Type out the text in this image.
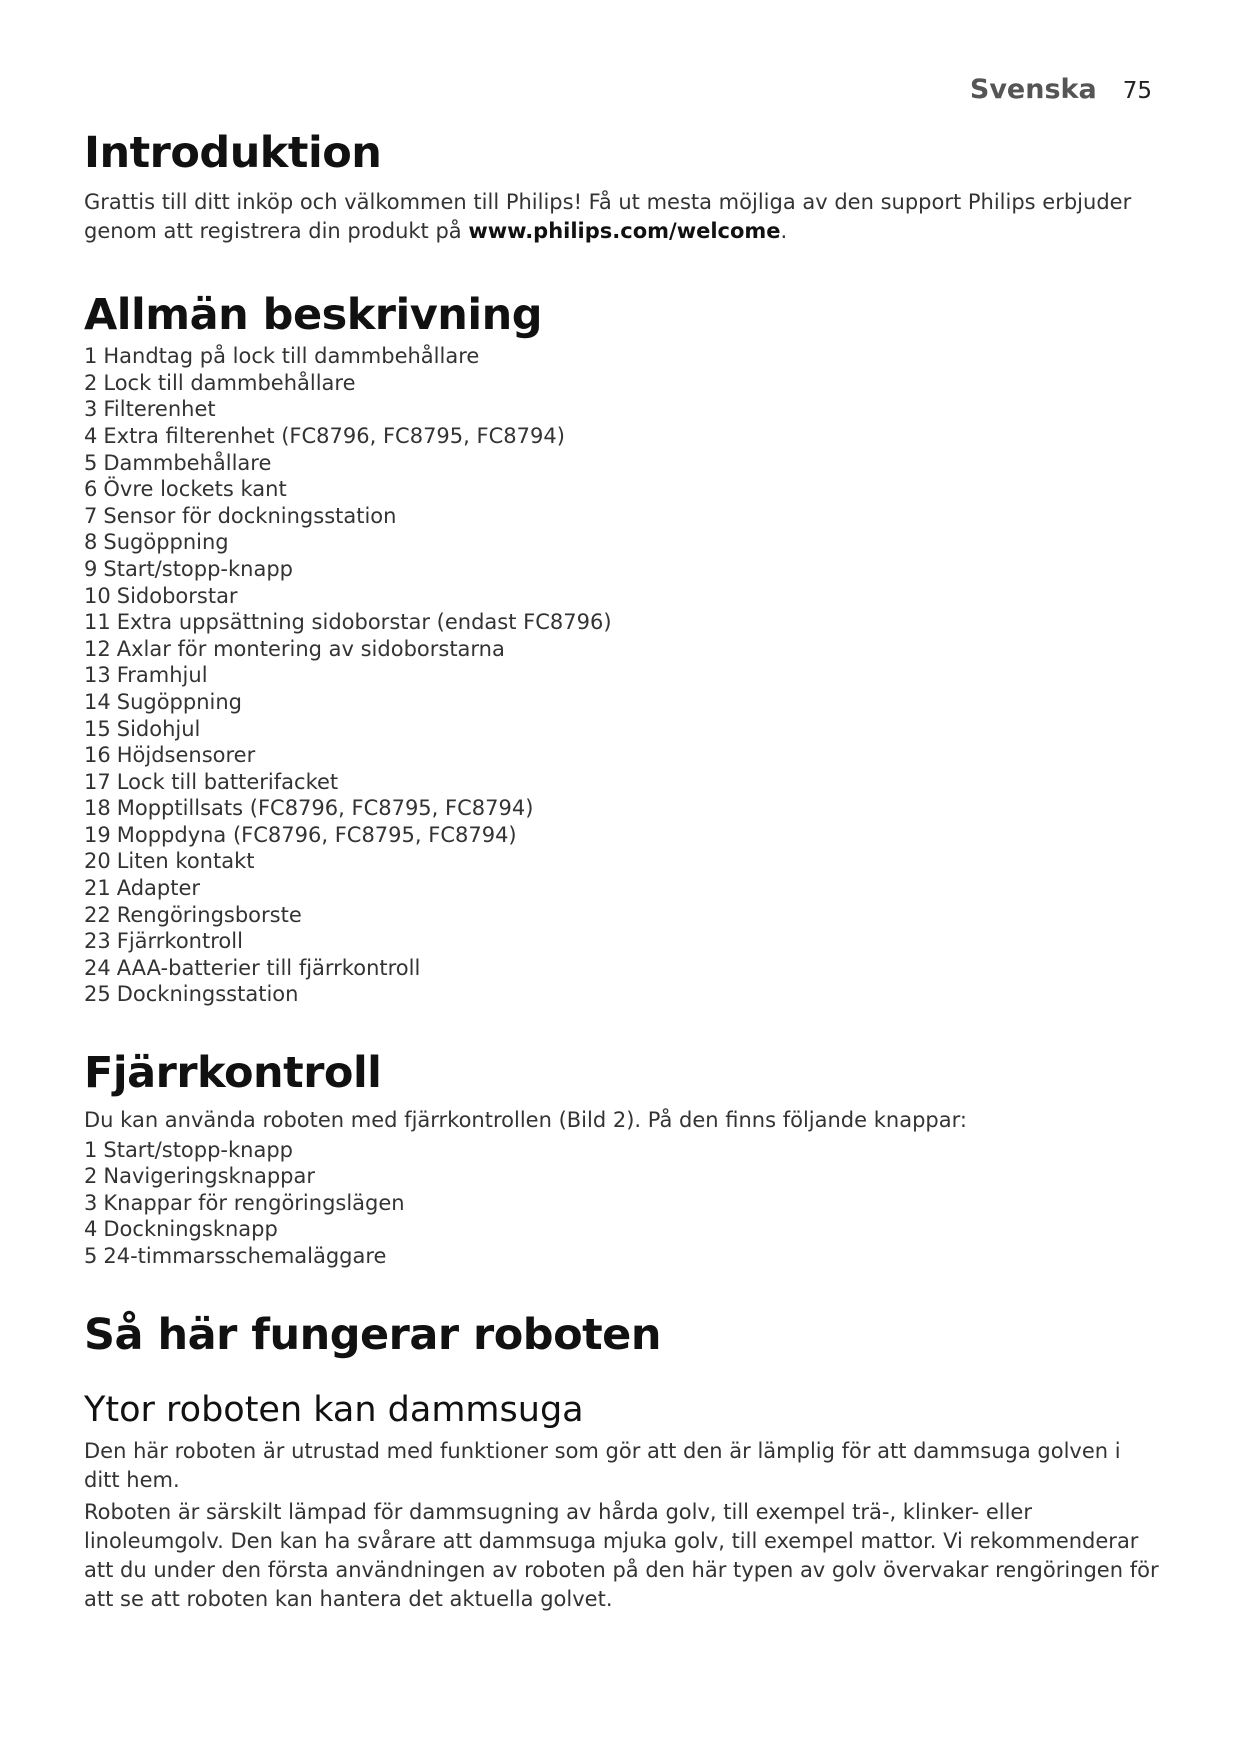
Svenska 75
Introduktion

Grattis till ditt inköp och välkommen till Philips! Få ut mesta möjliga av den support Philips erbjuder genom att registrera din produkt på www.philips.com/welcome.

Allmän beskrivning
1 Handtag på lock till dammbehållare
2 Lock till dammbehållare
3 Filterenhet
4 Extra filterenhet (FC8796, FC8795, FC8794)
5 Dammbehållare
6 Övre lockets kant
7 Sensor för dockningsstation
8 Sugöppning
9 Start/stopp-knapp
10 Sidoborstar
11 Extra uppsättning sidoborstar (endast FC8796)
12 Axlar för montering av sidoborstarna
13 Framhjul
14 Sugöppning
15 Sidohjul
16 Höjdsensorer
17 Lock till batterifacket
18 Mopptillsats (FC8796, FC8795, FC8794)
19 Moppdyna (FC8796, FC8795, FC8794)
20 Liten kontakt
21 Adapter
22 Rengöringsborste
23 Fjärrkontroll
24 AAA-batterier till fjärrkontroll
25 Dockningsstation
Fjärrkontroll

Du kan använda roboten med fjärrkontrollen (Bild 2). På den finns följande knappar:

1 Start/stopp-knapp
2 Navigeringsknappar
3 Knappar för rengöringslägen
4 Dockningsknapp
5 24-timmarsschemaläggare
Så här fungerar roboten
Ytor roboten kan dammsuga

Den här roboten är utrustad med funktioner som gör att den är lämplig för att dammsuga golven i ditt hem.

Roboten är särskilt lämpad för dammsugning av hårda golv, till exempel trä-, klinker- eller linoleumgolv. Den kan ha svårare att dammsuga mjuka golv, till exempel mattor. Vi rekommenderar att du under den första användningen av roboten på den här typen av golv övervakar rengöringen för att se att roboten kan hantera det aktuella golvet.
